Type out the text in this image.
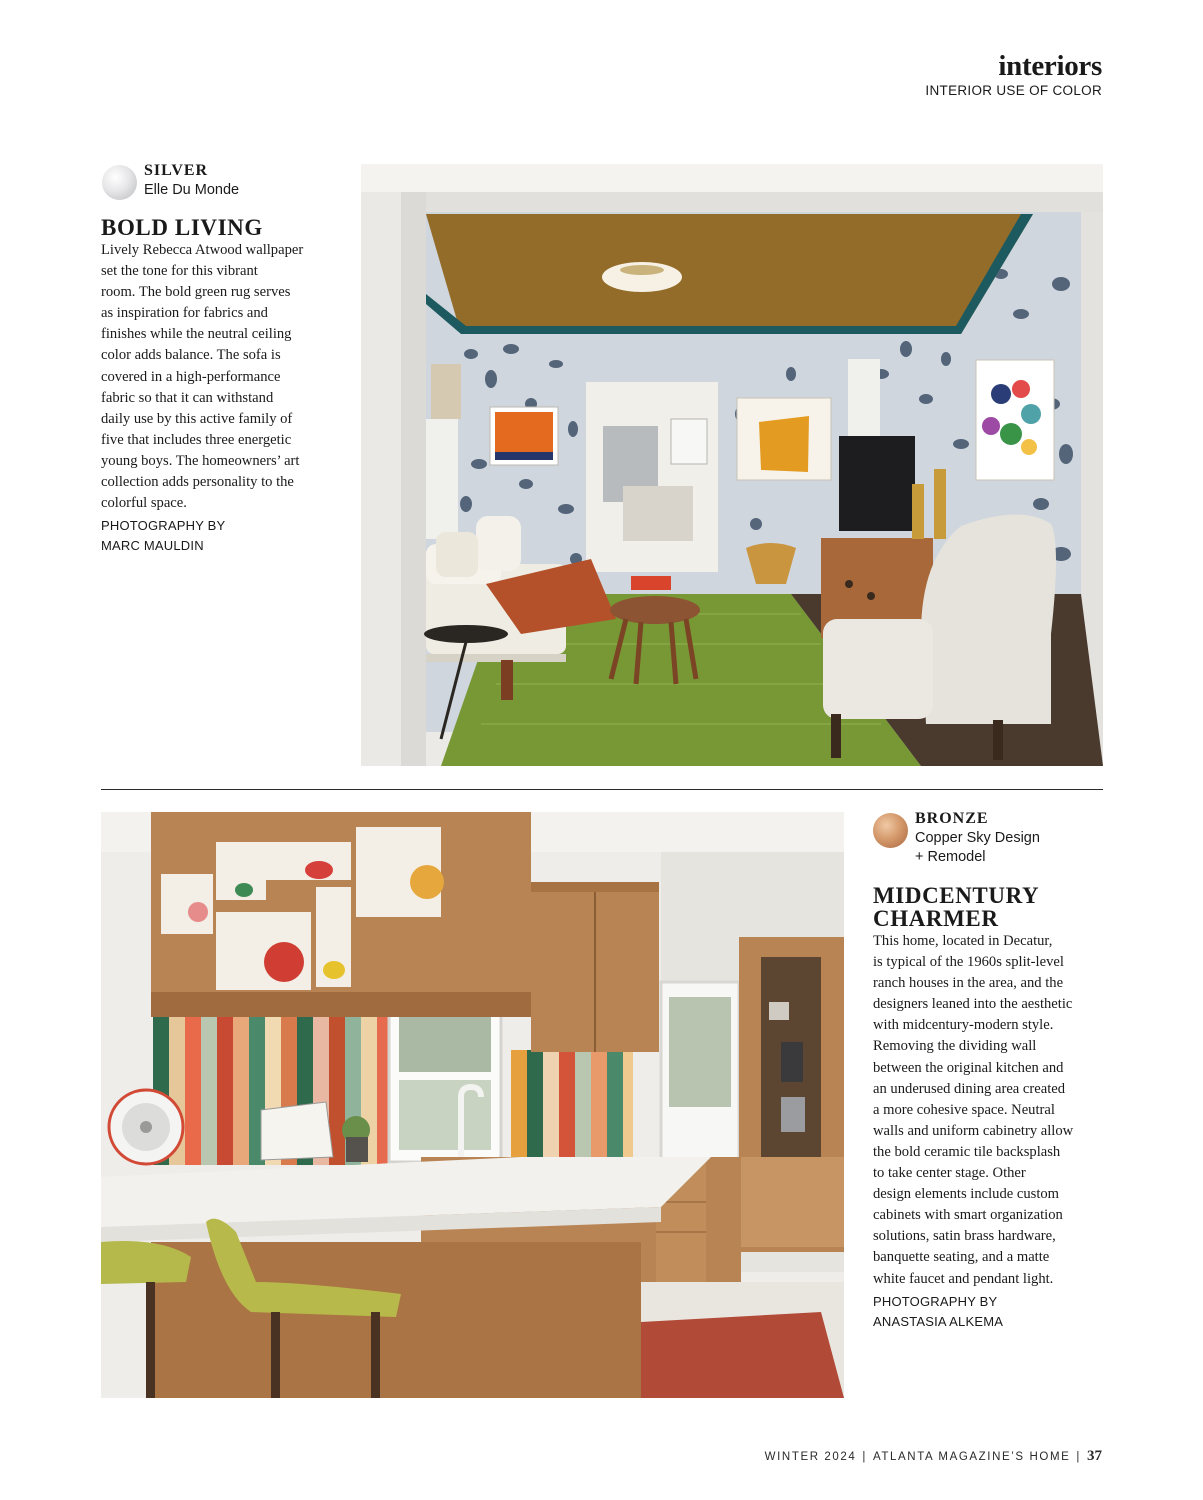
interiors
INTERIOR USE OF COLOR
SILVER
Elle Du Monde
BOLD LIVING
Lively Rebecca Atwood wallpaper
set the tone for this vibrant
room. The bold green rug serves
as inspiration for fabrics and
finishes while the neutral ceiling
color adds balance. The sofa is
covered in a high-performance
fabric so that it can withstand
daily use by this active family of
five that includes three energetic
young boys. The homeowners’ art
collection adds personality to the
colorful space.
PHOTOGRAPHY BY
MARC MAULDIN
BRONZE
Copper Sky Design
+ Remodel
MIDCENTURY
CHARMER
This home, located in Decatur,
is typical of the 1960s split-level
ranch houses in the area, and the
designers leaned into the aesthetic
with midcentury-modern style.
Removing the dividing wall
between the original kitchen and
an underused dining area created
a more cohesive space. Neutral
walls and uniform cabinetry allow
the bold ceramic tile backsplash
to take center stage. Other
design elements include custom
cabinets with smart organization
solutions, satin brass hardware,
banquette seating, and a matte
white faucet and pendant light.
PHOTOGRAPHY BY
ANASTASIA ALKEMA
WINTER 2024 | ATLANTA MAGAZINE’S HOME | 37
